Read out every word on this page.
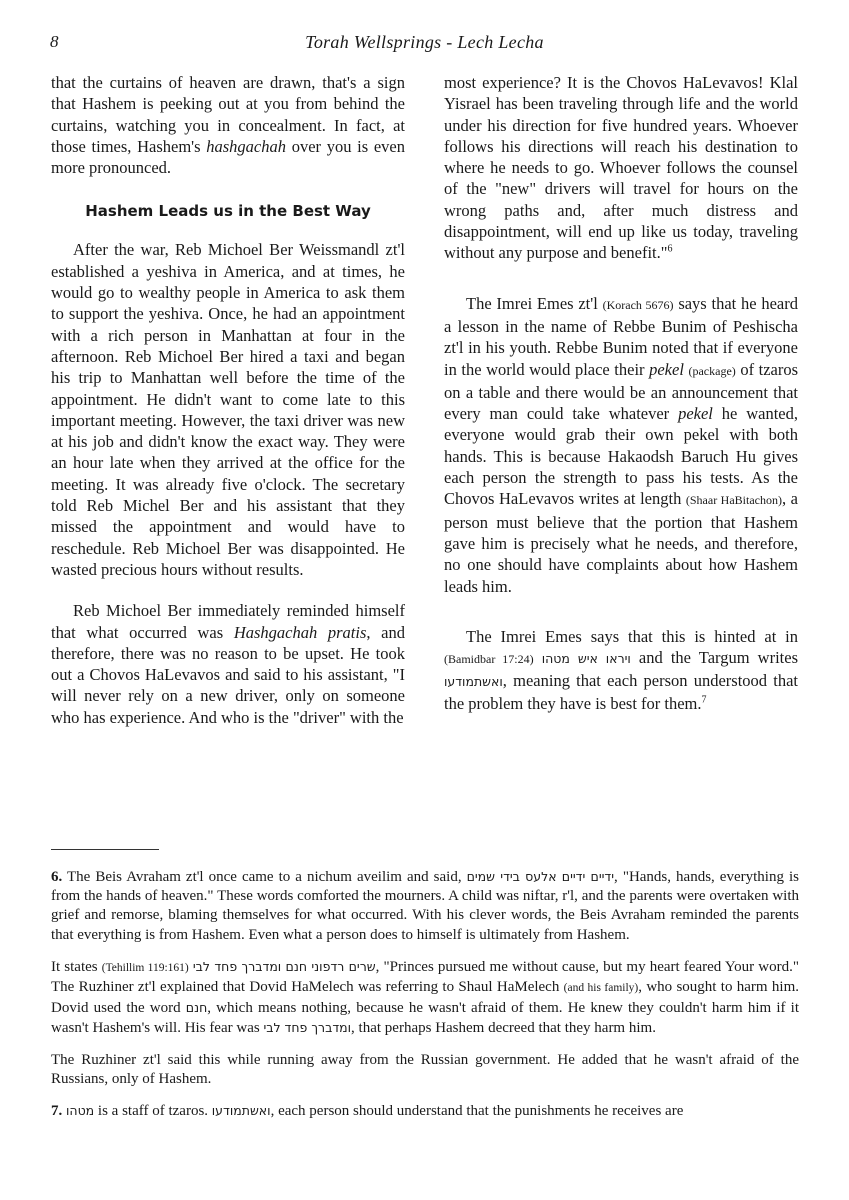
8	Torah Wellsprings - Lech Lecha

that the curtains of heaven are drawn, that's a sign that Hashem is peeking out at you from behind the curtains, watching you in concealment. In fact, at those times, Hashem's hashgachah over you is even more pronounced.

Hashem Leads us in the Best Way

After the war, Reb Michoel Ber Weissmandl zt'l established a yeshiva in America, and at times, he would go to wealthy people in America to ask them to support the yeshiva. Once, he had an appointment with a rich person in Manhattan at four in the afternoon. Reb Michoel Ber hired a taxi and began his trip to Manhattan well before the time of the appointment. He didn't want to come late to this important meeting. However, the taxi driver was new at his job and didn't know the exact way. They were an hour late when they arrived at the office for the meeting. It was already five o'clock. The secretary told Reb Michel Ber and his assistant that they missed the appointment and would have to reschedule. Reb Michoel Ber was disappointed. He wasted precious hours without results.

Reb Michoel Ber immediately reminded himself that what occurred was Hashgachah pratis, and therefore, there was no reason to be upset. He took out a Chovos HaLevavos and said to his assistant, "I will never rely on a new driver, only on someone who has experience. And who is the "driver" with the

most experience? It is the Chovos HaLevavos! Klal Yisrael has been traveling through life and the world under his direction for five hundred years. Whoever follows his directions will reach his destination to where he needs to go. Whoever follows the counsel of the "new" drivers will travel for hours on the wrong paths and, after much distress and disappointment, will end up like us today, traveling without any purpose and benefit."$^6$

The Imrei Emes zt'l (Korach 5676) says that he heard a lesson in the name of Rebbe Bunim of Peshischa zt'l in his youth. Rebbe Bunim noted that if everyone in the world would place their pekel (package) of tzaros on a table and there would be an announcement that every man could take whatever pekel he wanted, everyone would grab their own pekel with both hands. This is because Hakaodsh Baruch Hu gives each person the strength to pass his tests. As the Chovos HaLevavos writes at length (Shaar HaBitachon), a person must believe that the portion that Hashem gave him is precisely what he needs, and therefore, no one should have complaints about how Hashem leads him.

The Imrei Emes says that this is hinted at in (Bamidbar 17:24) ויראו איש מטהו and the Targum writes ואשתמודעו, meaning that each person understood that the problem they have is best for them.$^7$

6. The Beis Avraham zt'l once came to a nichum aveilim and said, ידיים ידיים אלעס בידי שמים, "Hands, hands, everything is from the hands of heaven." These words comforted the mourners. A child was niftar, r'l, and the parents were overtaken with grief and remorse, blaming themselves for what occurred. With his clever words, the Beis Avraham reminded the parents that everything is from Hashem. Even what a person does to himself is ultimately from Hashem.

It states (Tehillim 119:161) שרים רדפוני חנם ומדברך פחד לבי, "Princes pursued me without cause, but my heart feared Your word." The Ruzhiner zt'l explained that Dovid HaMelech was referring to Shaul HaMelech (and his family), who sought to harm him. Dovid used the word חנם, which means nothing, because he wasn't afraid of them. He knew they couldn't harm him if it wasn't Hashem's will. His fear was ומדברך פחד לבי, that perhaps Hashem decreed that they harm him.

The Ruzhiner zt'l said this while running away from the Russian government. He added that he wasn't afraid of the Russians, only of Hashem.

7. מטהו is a staff of tzaros. ואשתמודעו, each person should understand that the punishments he receives are
